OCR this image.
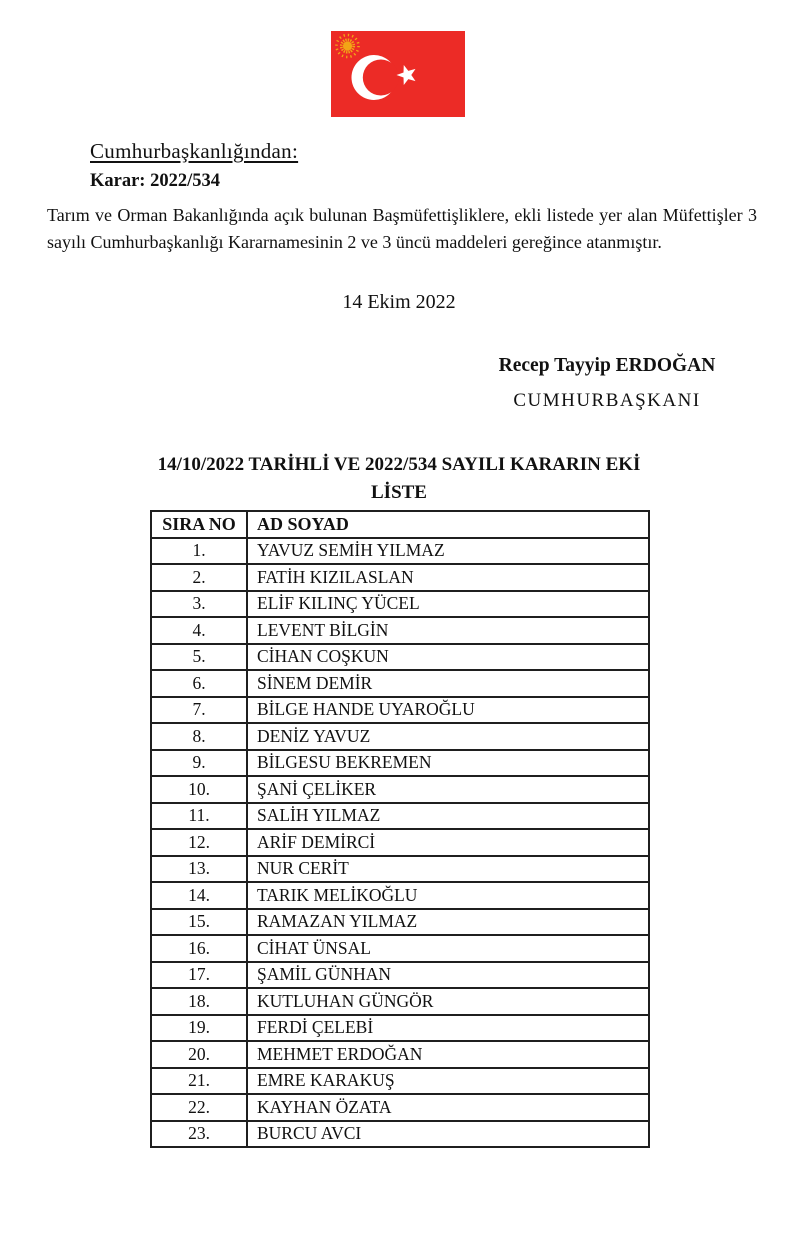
Cumhurbaşkanlığından:
Karar: 2022/534
Tarım ve Orman Bakanlığında açık bulunan Başmüfettişliklere, ekli listede yer alan Müfettişler 3 sayılı Cumhurbaşkanlığı Kararnamesinin 2 ve 3 üncü maddeleri gereğince atanmıştır.
14 Ekim 2022
Recep Tayyip ERDOĞAN
CUMHURBAŞKANI
14/10/2022 TARİHLİ VE 2022/534 SAYILI KARARIN EKİ
LİSTE
SIRA NO	AD SOYAD
1.	YAVUZ SEMİH YILMAZ
2.	FATİH KIZILASLAN
3.	ELİF KILINÇ YÜCEL
4.	LEVENT BİLGİN
5.	CİHAN COŞKUN
6.	SİNEM DEMİR
7.	BİLGE HANDE UYAROĞLU
8.	DENİZ YAVUZ
9.	BİLGESU BEKREMEN
10.	ŞANİ ÇELİKER
11.	SALİH YILMAZ
12.	ARİF DEMİRCİ
13.	NUR CERİT
14.	TARIK MELİKOĞLU
15.	RAMAZAN YILMAZ
16.	CİHAT ÜNSAL
17.	ŞAMİL GÜNHAN
18.	KUTLUHAN GÜNGÖR
19.	FERDİ ÇELEBİ
20.	MEHMET ERDOĞAN
21.	EMRE KARAKUŞ
22.	KAYHAN ÖZATA
23.	BURCU AVCI
